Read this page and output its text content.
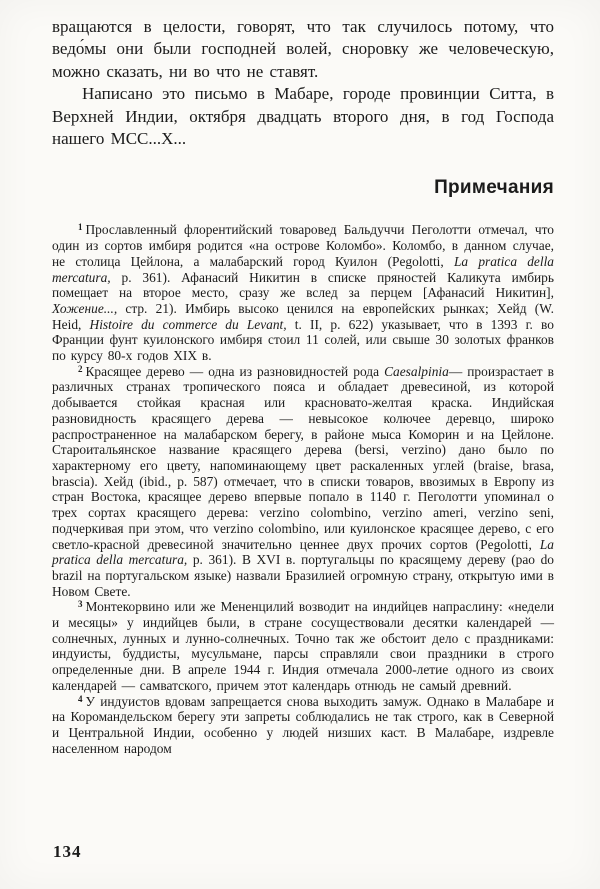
вращаются в целости, говорят, что так случилось потому, что ведо́мы они были господней волей, сноровку же человеческую, можно сказать, ни во что не ставят.

Написано это письмо в Мабаре, городе провинции Ситта, в Верхней Индии, октября двадцать второго дня, в год Господа нашего МСС...Х...

Примечания

$^1$ Прославленный флорентийский товаровед Бальдуччи Пеголотти отмечал, что один из сортов имбиря родится «на острове Коломбо». Коломбо, в данном случае, не столица Цейлона, а малабарский город Куилон (Pegolotti, La pratica della mercatura, р. 361). Афанасий Никитин в списке пряностей Каликута имбирь помещает на второе место, сразу же вслед за перцем [Афанасий Никитин], Хожение..., стр. 21). Имбирь высоко ценился на европейских рынках; Хейд (W. Heid, Histoire du commerce du Levant, t. II, р. 622) указывает, что в 1393 г. во Франции фунт куилонского имбиря стоил 11 солей, или свыше 30 золотых франков по курсу 80-х годов XIX в.

$^2$ Красящее дерево — одна из разновидностей рода Caesalpinia— произрастает в различных странах тропического пояса и обладает древесиной, из которой добывается стойкая красная или красновато-желтая краска. Индийская разновидность красящего дерева — невысокое колючее деревцо, широко распространенное на малабарском берегу, в районе мыса Коморин и на Цейлоне. Староитальянское название красящего дерева (bersi, verzino) дано было по характерному его цвету, напоминающему цвет раскаленных углей (braise, brasa, brascia). Хейд (ibid., р. 587) отмечает, что в списки товаров, ввозимых в Европу из стран Востока, красящее дерево впервые попало в 1140 г. Пеголотти упоминал о трех сортах красящего дерева: verzino colombino, verzino ameri, verzino seni, подчеркивая при этом, что verzino colombino, или куилонское красящее дерево, с его светло-красной древесиной значительно ценнее двух прочих сортов (Pegolotti, La pratica della mercatura, p. 361). В XVI в. португальцы по красящему дереву (pao do brazil на португальском языке) назвали Бразилией огромную страну, открытую ими в Новом Свете.

$^3$ Монтекорвино или же Мененцилий возводит на индийцев напраслину: «недели и месяцы» у индийцев были, в стране сосуществовали десятки календарей — солнечных, лунных и лунно-солнечных. Точно так же обстоит дело с праздниками: индуисты, буддисты, мусульмане, парсы справляли свои праздники в строго определенные дни. В апреле 1944 г. Индия отмечала 2000-летие одного из своих календарей — самватского, причем этот календарь отнюдь не самый древний.

$^4$ У индуистов вдовам запрещается снова выходить замуж. Однако в Малабаре и на Коромандельском берегу эти запреты соблюдались не так строго, как в Северной и Центральной Индии, особенно у людей низших каст. В Малабаре, издревле населенном народом

134
